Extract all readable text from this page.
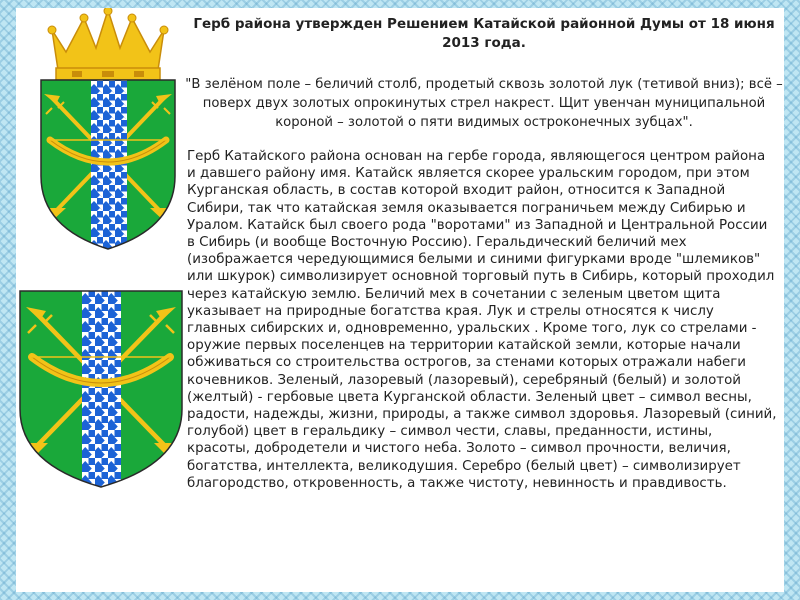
Герб района утвержден Решением Катайской районной Думы от 18 июня 2013 года.

"В зелёном поле – беличий столб, продетый сквозь золотой лук (тетивой вниз); всё – поверх двух золотых опрокинутых стрел накрест. Щит увенчан муниципальной короной – золотой о пяти видимых остроконечных зубцах".

Герб Катайского района основан на гербе города, являющегося центром района и давшего району имя. Катайск является скорее уральским городом, при этом Курганская область, в состав которой входит район, относится к Западной Сибири, так что катайская земля оказывается пограничьем между Сибирью и Уралом. Катайск был своего рода "воротами" из Западной и Центральной России в Сибирь (и вообще Восточную Россию). Геральдический беличий мех (изображается чередующимися белыми и синими фигурками вроде "шлемиков" или шкурок) символизирует основной торговый путь в Сибирь, который проходил через катайскую землю. Беличий мех в сочетании с зеленым цветом щита указывает на природные богатства края. Лук и стрелы относятся к числу главных сибирских и, одновременно, уральских . Кроме того, лук со стрелами - оружие первых поселенцев на территории катайской земли, которые начали обживаться со строительства острогов, за стенами которых отражали набеги кочевников. Зеленый, лазоревый (лазоревый), серебряный (белый) и золотой (желтый) - гербовые цвета Курганской области. Зеленый цвет – символ весны, радости, надежды, жизни, природы, а также символ здоровья. Лазоревый (синий, голубой) цвет в геральдику – символ чести, славы, преданности, истины, красоты, добродетели и чистого неба. Золото – символ прочности, величия, богатства, интеллекта, великодушия. Серебро (белый цвет) – символизирует благородство, откровенность, а также чистоту, невинность и правдивость.
